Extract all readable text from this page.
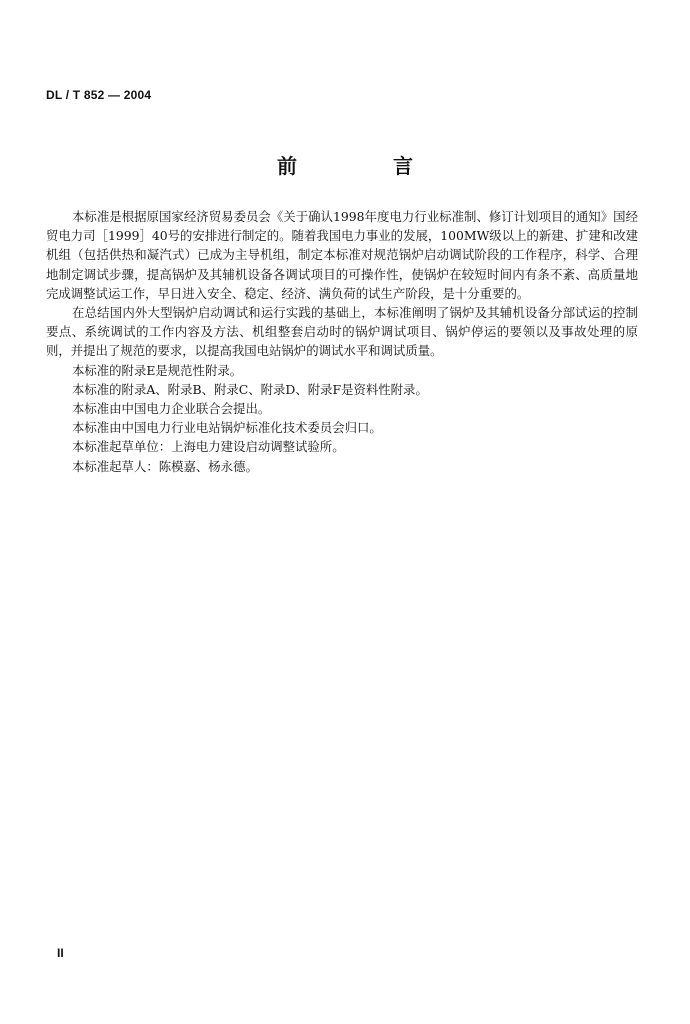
DL / T 852 — 2004
前　言

本标准是根据原国家经济贸易委员会《关于确认1998年度电力行业标准制、修订计划项目的通知》国经贸电力司［1999］40号的安排进行制定的。随着我国电力事业的发展，100MW级以上的新建、扩建和改建机组（包括供热和凝汽式）已成为主导机组，制定本标准对规范锅炉启动调试阶段的工作程序，科学、合理地制定调试步骤，提高锅炉及其辅机设备各调试项目的可操作性，使锅炉在较短时间内有条不紊、高质量地完成调整试运工作，早日进入安全、稳定、经济、满负荷的试生产阶段，是十分重要的。

在总结国内外大型锅炉启动调试和运行实践的基础上，本标准阐明了锅炉及其辅机设备分部试运的控制要点、系统调试的工作内容及方法、机组整套启动时的锅炉调试项目、锅炉停运的要领以及事故处理的原则，并提出了规范的要求，以提高我国电站锅炉的调试水平和调试质量。

本标准的附录E是规范性附录。

本标准的附录A、附录B、附录C、附录D、附录F是资料性附录。

本标准由中国电力企业联合会提出。

本标准由中国电力行业电站锅炉标准化技术委员会归口。

本标准起草单位：上海电力建设启动调整试验所。

本标准起草人：陈模嘉、杨永德。

II
